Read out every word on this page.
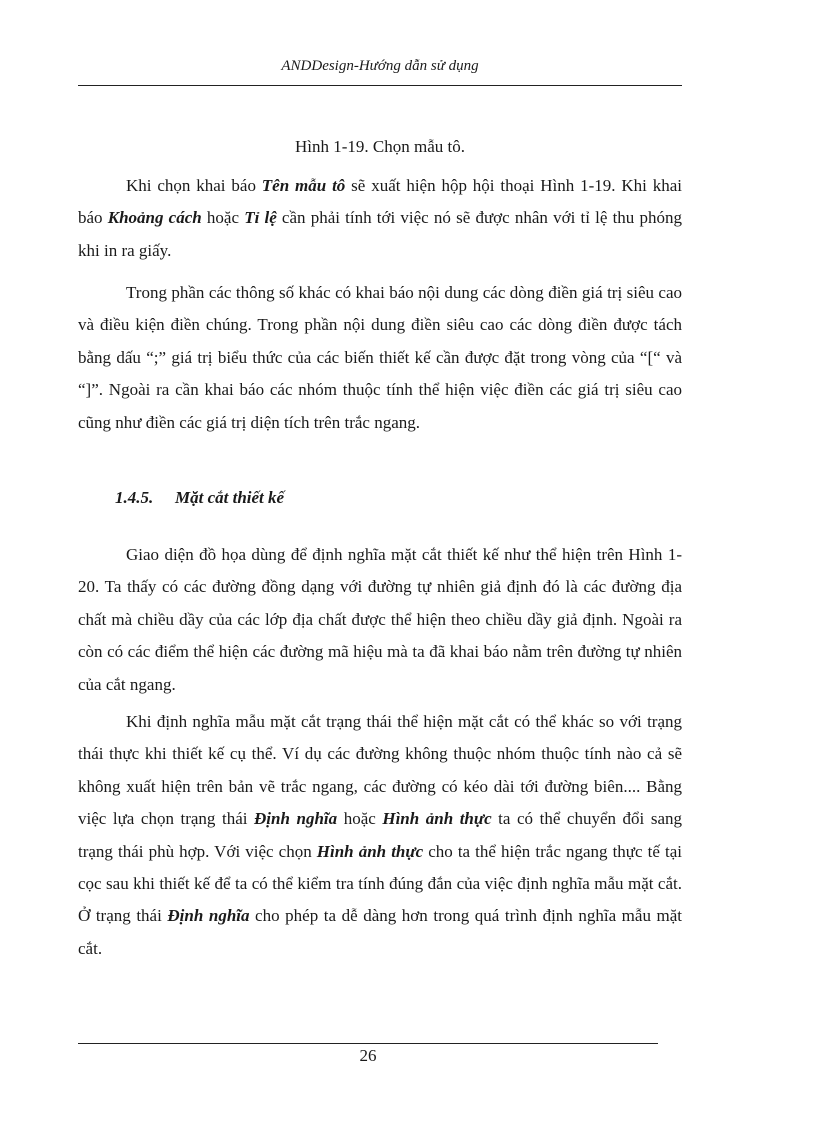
ANDDesign-Hướng dẫn sử dụng
Hình 1-19. Chọn mẫu tô.

Khi chọn khai báo Tên mẫu tô sẽ xuất hiện hộp hội thoại Hình 1-19. Khi khai báo Khoảng cách hoặc Tỉ lệ cần phải tính tới việc nó sẽ được nhân với tỉ lệ thu phóng khi in ra giấy.

Trong phần các thông số khác có khai báo nội dung các dòng điền giá trị siêu cao và điều kiện điền chúng. Trong phần nội dung điền siêu cao các dòng điền được tách bằng dấu “;” giá trị biểu thức của các biến thiết kế cần được đặt trong vòng của “[“ và “]”. Ngoài ra cần khai báo các nhóm thuộc tính thể hiện việc điền các giá trị siêu cao cũng như điền các giá trị diện tích trên trắc ngang.

1.4.5. Mặt cắt thiết kế

Giao diện đồ họa dùng để định nghĩa mặt cắt thiết kế như thể hiện trên Hình 1-20. Ta thấy có các đường đồng dạng với đường tự nhiên giả định đó là các đường địa chất mà chiều dầy của các lớp địa chất được thể hiện theo chiều dầy giả định. Ngoài ra còn có các điểm thể hiện các đường mã hiệu mà ta đã khai báo nằm trên đường tự nhiên của cắt ngang.

Khi định nghĩa mẫu mặt cắt trạng thái thể hiện mặt cắt có thể khác so với trạng thái thực khi thiết kế cụ thể. Ví dụ các đường không thuộc nhóm thuộc tính nào cả sẽ không xuất hiện trên bản vẽ trắc ngang, các đường có kéo dài tới đường biên.... Bằng việc lựa chọn trạng thái Định nghĩa hoặc Hình ảnh thực ta có thể chuyển đổi sang trạng thái phù hợp. Với việc chọn Hình ảnh thực cho ta thể hiện trắc ngang thực tế tại cọc sau khi thiết kế để ta có thể kiểm tra tính đúng đắn của việc định nghĩa mẫu mặt cắt. Ở trạng thái Định nghĩa cho phép ta dễ dàng hơn trong quá trình định nghĩa mẫu mặt cắt.

26
